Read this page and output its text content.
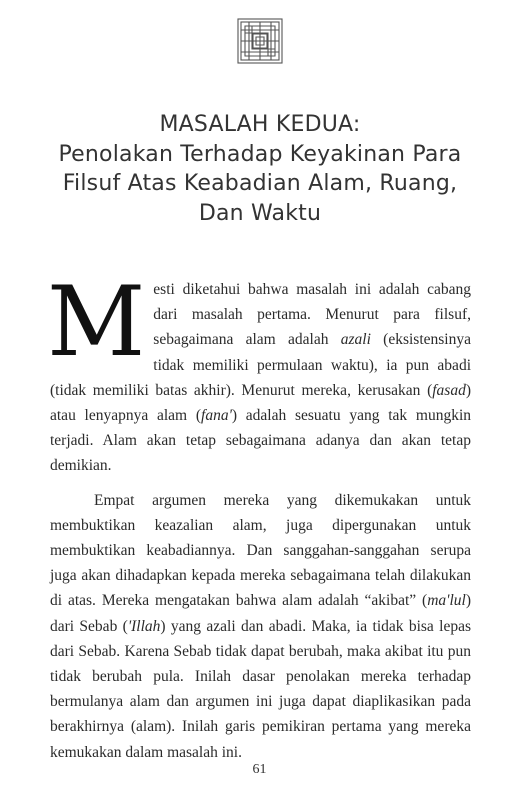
MASALAH KEDUA:
Penolakan Terhadap Keyakinan Para
Filsuf Atas Keabadian Alam, Ruang,
Dan Waktu

Mesti diketahui bahwa masalah ini adalah cabang dari masalah pertama. Menurut para filsuf, sebagaimana alam adalah azali (eksistensinya tidak memiliki permulaan waktu), ia pun abadi (tidak memiliki batas akhir). Menurut mereka, kerusakan (fasad) atau lenyapnya alam (fana') adalah sesuatu yang tak mungkin terjadi. Alam akan tetap sebagaimana adanya dan akan tetap demikian.

Empat argumen mereka yang dikemukakan untuk membuktikan keazalian alam, juga dipergunakan untuk membuktikan keabadiannya. Dan sanggahan-sanggahan serupa juga akan dihadapkan kepada mereka sebagaimana telah dilakukan di atas. Mereka mengatakan bahwa alam adalah “akibat” (ma'lul) dari Sebab ('Illah) yang azali dan abadi. Maka, ia tidak bisa lepas dari Sebab. Karena Sebab tidak dapat berubah, maka akibat itu pun tidak berubah pula. Inilah dasar penolakan mereka terhadap bermulanya alam dan argumen ini juga dapat diaplikasikan pada berakhirnya (alam). Inilah garis pemikiran pertama yang mereka kemukakan dalam masalah ini.

61
